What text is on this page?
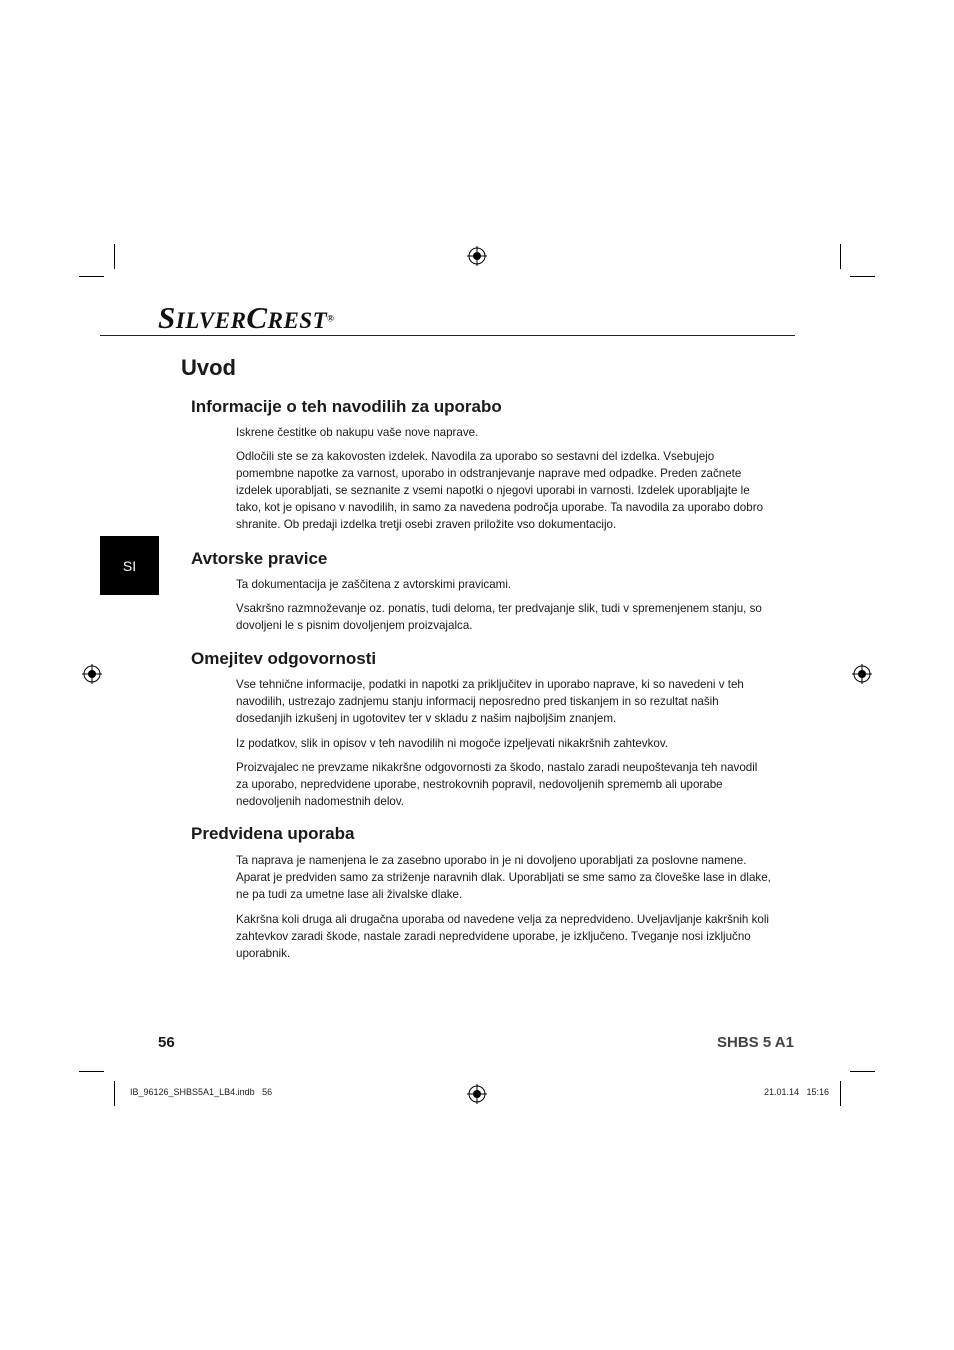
SILVERCREST®
Uvod
SI
Informacije o teh navodilih za uporabo

Iskrene čestitke ob nakupu vaše nove naprave.

Odločili ste se za kakovosten izdelek. Navodila za uporabo so sestavni del izdelka. Vsebujejo pomembne napotke za varnost, uporabo in odstranjevanje naprave med odpadke. Preden začnete izdelek uporabljati, se seznanite z vsemi napotki o njegovi uporabi in varnosti. Izdelek uporabljajte le tako, kot je opisano v navodilih, in samo za navedena področja uporabe. Ta navodila za uporabo dobro shranite. Ob predaji izdelka tretji osebi zraven priložite vso dokumentacijo.

Avtorske pravice

Ta dokumentacija je zaščitena z avtorskimi pravicami.

Vsakršno razmnoževanje oz. ponatis, tudi deloma, ter predvajanje slik, tudi v spremenjenem stanju, so dovoljeni le s pisnim dovoljenjem proizvajalca.

Omejitev odgovornosti

Vse tehnične informacije, podatki in napotki za priključitev in uporabo naprave, ki so navedeni v teh navodilih, ustrezajo zadnjemu stanju informacij neposredno pred tiskanjem in so rezultat naših dosedanjih izkušenj in ugotovitev ter v skladu z našim najboljšim znanjem.

Iz podatkov, slik in opisov v teh navodilih ni mogoče izpeljevati nikakršnih zahtevkov.

Proizvajalec ne prevzame nikakršne odgovornosti za škodo, nastalo zaradi neupoštevanja teh navodil za uporabo, nepredvidene uporabe, nestrokovnih popravil, nedovoljenih sprememb ali uporabe nedovoljenih nadomestnih delov.

Predvidena uporaba

Ta naprava je namenjena le za zasebno uporabo in je ni dovoljeno uporabljati za poslovne namene. Aparat je predviden samo za striženje naravnih dlak. Uporabljati se sme samo za človeške lase in dlake, ne pa tudi za umetne lase ali živalske dlake.

Kakršna koli druga ali drugačna uporaba od navedene velja za nepredvideno. Uveljavljanje kakršnih koli zahtevkov zaradi škode, nastale zaradi nepredvidene uporabe, je izključeno. Tveganje nosi izključno uporabnik.

56	SHBS 5 A1
IB_96126_SHBS5A1_LB4.indb   56	21.01.14   15:16
